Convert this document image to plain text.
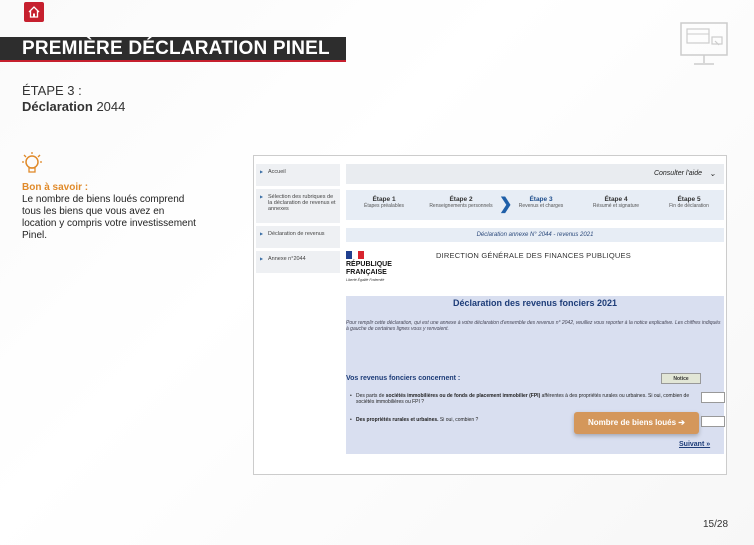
PREMIÈRE DÉCLARATION PINEL
ÉTAPE 3 :
Déclaration 2044
Bon à savoir :
Le nombre de biens loués comprend tous les biens que vous avez en location y compris votre investissement Pinel.
▶ Accueil
▶ Sélection des rubriques de la déclaration de revenus et annexes
▶ Déclaration de revenus
▶ Annexe n°2044
Consulter l'aide ⌄
Étape 1
Étapes préalables
Étape 2
Renseignements personnels ❯	Étape 3
Revenus et charges
Étape 4
Résumé et signature
Étape 5
Fin de déclaration
Déclaration annexe N° 2044 - revenus 2021
RÉPUBLIQUE FRANÇAISE
Liberté Égalité Fraternité
DIRECTION GÉNÉRALE DES FINANCES PUBLIQUES
Déclaration des revenus fonciers 2021
Pour remplir cette déclaration, qui est une annexe à votre déclaration d'ensemble des revenus n° 2042, veuillez vous reporter à la notice explicative. Les chiffres indiqués à gauche de certaines lignes vous y renvoient.
Vos revenus fonciers concernent :	Notice
• Des parts de sociétés immobilières ou de fonds de placement immobilier (FPI) afférentes à des propriétés rurales ou urbaines. Si oui, combien de sociétés immobilières ou FPI ?
• Des propriétés rurales et urbaines. Si oui, combien ?	Nombre de biens loués ➔
Suivant »
15/28
